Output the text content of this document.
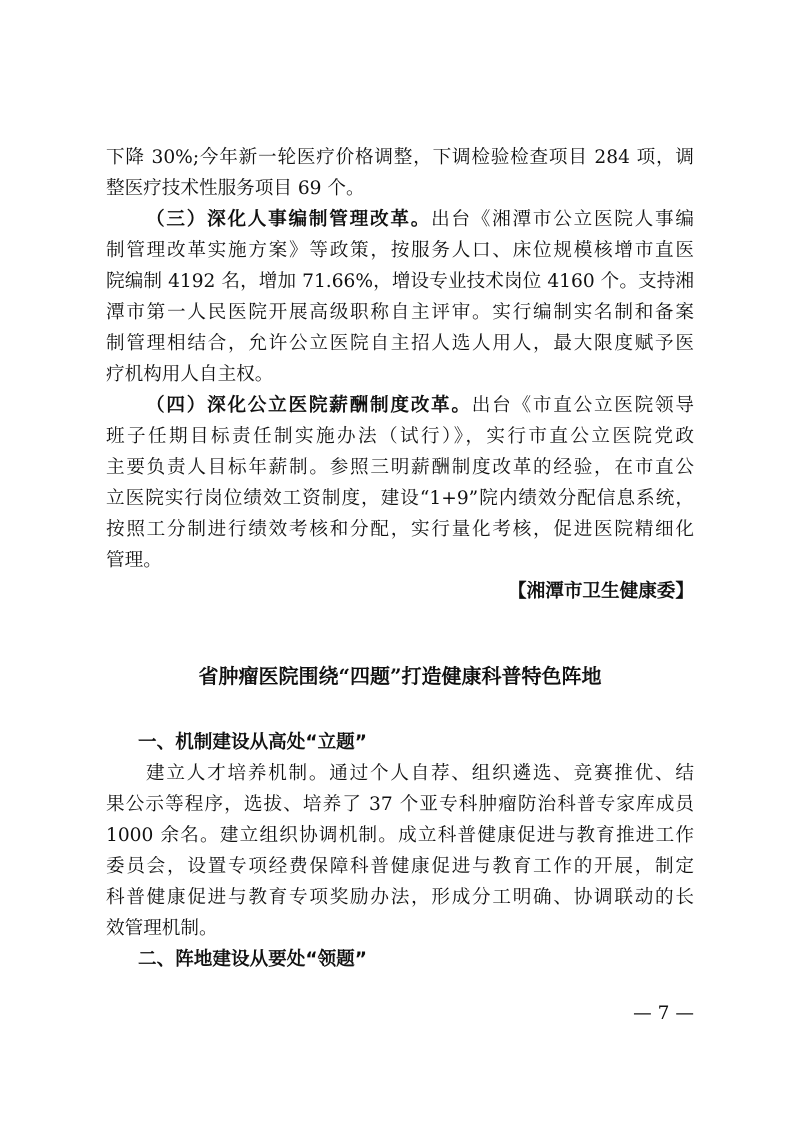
下降 30%;今年新一轮医疗价格调整，下调检验检查项目 284 项，调
整医疗技术性服务项目 69 个。
（三）深化人事编制管理改革。出台《湘潭市公立医院人事编
制管理改革实施方案》等政策，按服务人口、床位规模核增市直医
院编制 4192 名，增加 71.66%，增设专业技术岗位 4160 个。支持湘
潭市第一人民医院开展高级职称自主评审。实行编制实名制和备案
制管理相结合，允许公立医院自主招人选人用人，最大限度赋予医
疗机构用人自主权。
（四）深化公立医院薪酬制度改革。出台《市直公立医院领导
班子任期目标责任制实施办法（试行）》，实行市直公立医院党政
主要负责人目标年薪制。参照三明薪酬制度改革的经验，在市直公
立医院实行岗位绩效工资制度，建设“1+9”院内绩效分配信息系统，
按照工分制进行绩效考核和分配，实行量化考核，促进医院精细化
管理。
【湘潭市卫生健康委】
省肿瘤医院围绕“四题”打造健康科普特色阵地
一、机制建设从高处“立题”
建立人才培养机制。通过个人自荐、组织遴选、竞赛推优、结
果公示等程序，选拔、培养了 37 个亚专科肿瘤防治科普专家库成员
1000 余名。建立组织协调机制。成立科普健康促进与教育推进工作
委员会，设置专项经费保障科普健康促进与教育工作的开展，制定
科普健康促进与教育专项奖励办法，形成分工明确、协调联动的长
效管理机制。
二、阵地建设从要处“领题”
— 7 —
